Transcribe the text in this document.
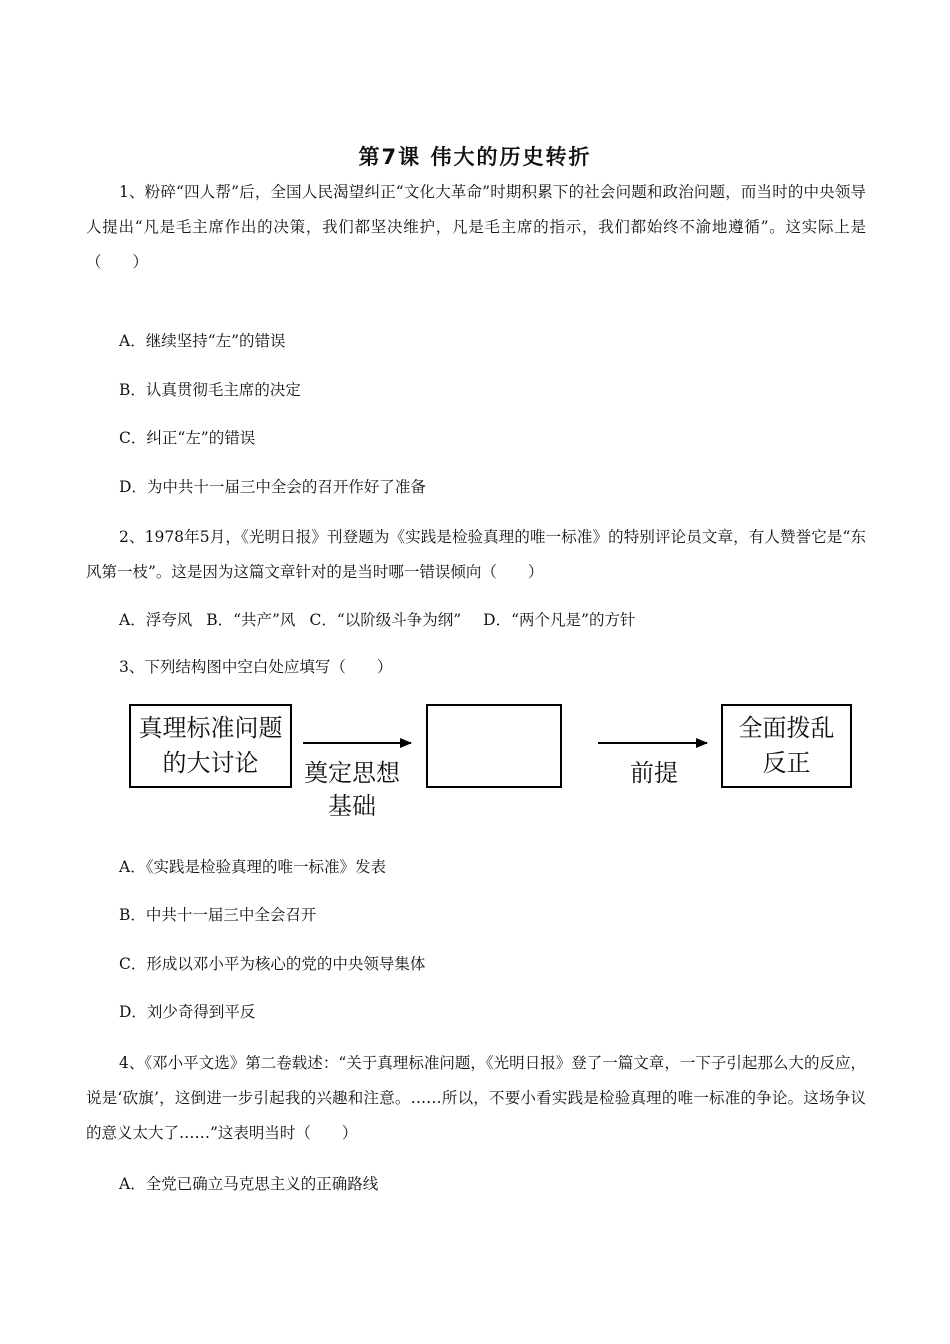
第7课 伟大的历史转折
1、粉碎“四人帮”后，全国人民渴望纠正“文化大革命”时期积累下的社会问题和政治问题，而当时的中央领导人提出“凡是毛主席作出的决策，我们都坚决维护，凡是毛主席的指示，我们都始终不渝地遵循”。这实际上是（　　）
A．继续坚持“左”的错误
B．认真贯彻毛主席的决定
C．纠正“左”的错误
D．为中共十一届三中全会的召开作好了准备
2、1978年5月，《光明日报》刊登题为《实践是检验真理的唯一标准》的特别评论员文章，有人赞誉它是“东风第一枝”。这是因为这篇文章针对的是当时哪一错误倾向（　　）
A．浮夸风 B．“共产”风 C．“以阶级斗争为纲” D．“两个凡是”的方针
3、下列结构图中空白处应填写（　　）
真理标准问题的大讨论	奠定思想基础
前提
全面拨乱反正
A．《实践是检验真理的唯一标准》发表
B．中共十一届三中全会召开
C．形成以邓小平为核心的党的中央领导集体
D．刘少奇得到平反
4、《邓小平文选》第二卷载述：“关于真理标准问题，《光明日报》登了一篇文章，一下子引起那么大的反应，说是‘砍旗’，这倒进一步引起我的兴趣和注意。……所以，不要小看实践是检验真理的唯一标准的争论。这场争议的意义太大了……”这表明当时（　　）
A．全党已确立马克思主义的正确路线
